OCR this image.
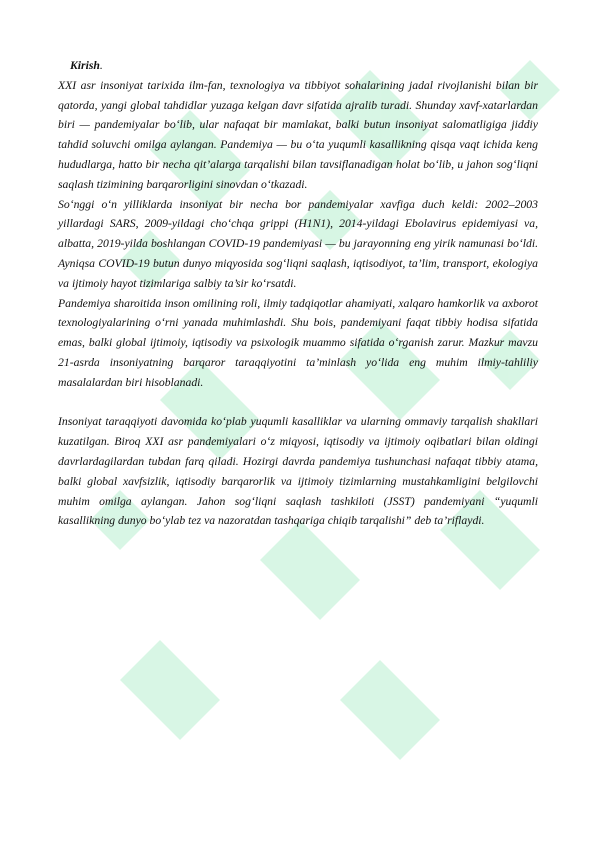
Kirish.

XXI asr insoniyat tarixida ilm-fan, texnologiya va tibbiyot sohalarining jadal rivojlanishi bilan bir qatorda, yangi global tahdidlar yuzaga kelgan davr sifatida ajralib turadi. Shunday xavf-xatarlardan biri — pandemiyalar bo‘lib, ular nafaqat bir mamlakat, balki butun insoniyat salomatligiga jiddiy tahdid soluvchi omilga aylangan. Pandemiya — bu o‘ta yuqumli kasallikning qisqa vaqt ichida keng hududlarga, hatto bir necha qit’alarga tarqalishi bilan tavsiflanadigan holat bo‘lib, u jahon sog‘liqni saqlash tizimining barqarorligini sinovdan o‘tkazadi.

So‘nggi o‘n yilliklarda insoniyat bir necha bor pandemiyalar xavfiga duch keldi: 2002–2003 yillardagi SARS, 2009-yildagi cho‘chqa grippi (H1N1), 2014-yildagi Ebolavirus epidemiyasi va, albatta, 2019-yilda boshlangan COVID-19 pandemiyasi — bu jarayonning eng yirik namunasi bo‘ldi. Ayniqsa COVID-19 butun dunyo miqyosida sog‘liqni saqlash, iqtisodiyot, ta’lim, transport, ekologiya va ijtimoiy hayot tizimlariga salbiy ta’sir ko‘rsatdi.

Pandemiya sharoitida inson omilining roli, ilmiy tadqiqotlar ahamiyati, xalqaro hamkorlik va axborot texnologiyalarining o‘rni yanada muhimlashdi. Shu bois, pandemiyani faqat tibbiy hodisa sifatida emas, balki global ijtimoiy, iqtisodiy va psixologik muammo sifatida o‘rganish zarur. Mazkur mavzu 21-asrda insoniyatning barqaror taraqqiyotini ta’minlash yo‘lida eng muhim ilmiy-tahliliy masalalardan biri hisoblanadi.

Insoniyat taraqqiyoti davomida ko‘plab yuqumli kasalliklar va ularning ommaviy tarqalish shakllari kuzatilgan. Biroq XXI asr pandemiyalari o‘z miqyosi, iqtisodiy va ijtimoiy oqibatlari bilan oldingi davrlardagilardan tubdan farq qiladi. Hozirgi davrda pandemiya tushunchasi nafaqat tibbiy atama, balki global xavfsizlik, iqtisodiy barqarorlik va ijtimoiy tizimlarning mustahkamligini belgilovchi muhim omilga aylangan. Jahon sog‘liqni saqlash tashkiloti (JSST) pandemiyani “yuqumli kasallikning dunyo bo‘ylab tez va nazoratdan tashqariga chiqib tarqalishi” deb ta’riflaydi.
